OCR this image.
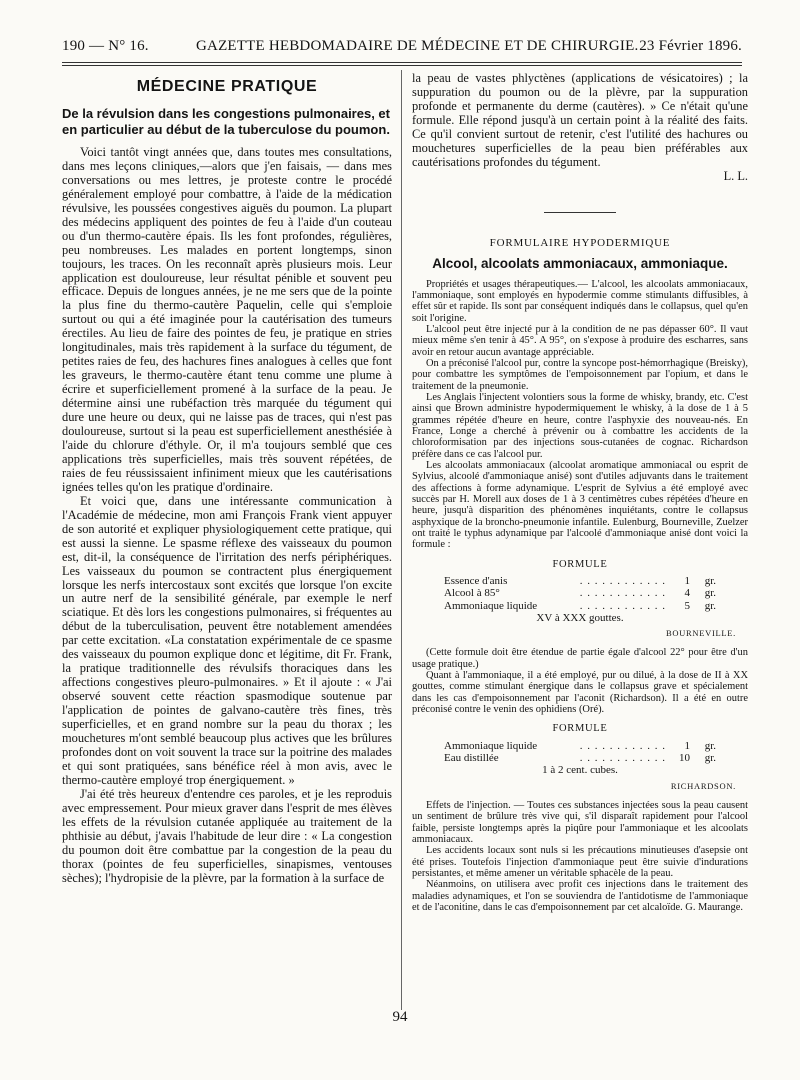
190 — N° 16.	GAZETTE HEBDOMADAIRE DE MÉDECINE ET DE CHIRURGIE. 23 Février 1896.
MÉDECINE PRATIQUE
De la révulsion dans les congestions pulmonaires, et en particulier au début de la tuberculose du poumon.

Voici tantôt vingt années que, dans toutes mes consultations, dans mes leçons cliniques,—alors que j'en faisais, — dans mes conversations ou mes lettres, je proteste contre le procédé généralement employé pour combattre, à l'aide de la médication révulsive, les poussées congestives aiguës du poumon. La plupart des médecins appliquent des pointes de feu à l'aide d'un couteau ou d'un thermo-cautère épais. Ils les font profondes, régulières, peu nombreuses. Les malades en portent longtemps, sinon toujours, les traces. On les reconnaît après plusieurs mois. Leur application est douloureuse, leur résultat pénible et souvent peu efficace. Depuis de longues années, je ne me sers que de la pointe la plus fine du thermo-cautère Paquelin, celle qui s'emploie surtout ou qui a été imaginée pour la cautérisation des tumeurs érectiles. Au lieu de faire des pointes de feu, je pratique en stries longitudinales, mais très rapidement à la surface du tégument, de petites raies de feu, des hachures fines analogues à celles que font les graveurs, le thermo-cautère étant tenu comme une plume à écrire et superficiellement promené à la surface de la peau. Je détermine ainsi une rubéfaction très marquée du tégument qui dure une heure ou deux, qui ne laisse pas de traces, qui n'est pas douloureuse, surtout si la peau est superficiellement anesthésiée à l'aide du chlorure d'éthyle. Or, il m'a toujours semblé que ces applications très superficielles, mais très souvent répétées, de raies de feu réussissaient infiniment mieux que les cautérisations ignées telles qu'on les pratique d'ordinaire.

Et voici que, dans une intéressante communication à l'Académie de médecine, mon ami François Frank vient appuyer de son autorité et expliquer physiologiquement cette pratique, qui est aussi la sienne. Le spasme réflexe des vaisseaux du poumon est, dit-il, la conséquence de l'irritation des nerfs périphériques. Les vaisseaux du poumon se contractent plus énergiquement lorsque les nerfs intercostaux sont excités que lorsque l'on excite un autre nerf de la sensibilité générale, par exemple le nerf sciatique. Et dès lors les congestions pulmonaires, si fréquentes au début de la tuberculisation, peuvent être notablement amendées par cette excitation. «La constatation expérimentale de ce spasme des vaisseaux du poumon explique donc et légitime, dit Fr. Frank, la pratique traditionnelle des révulsifs thoraciques dans les affections congestives pleuro-pulmonaires. » Et il ajoute : « J'ai observé souvent cette réaction spasmodique soutenue par l'application de pointes de galvano-cautère très fines, très superficielles, et en grand nombre sur la peau du thorax ; les mouchetures m'ont semblé beaucoup plus actives que les brûlures profondes dont on voit souvent la trace sur la poitrine des malades et qui sont pratiquées, sans bénéfice réel à mon avis, avec le thermo-cautère employé trop énergiquement. »

J'ai été très heureux d'entendre ces paroles, et je les reproduis avec empressement. Pour mieux graver dans l'esprit de mes élèves les effets de la révulsion cutanée appliquée au traitement de la phthisie au début, j'avais l'habitude de leur dire : « La congestion du poumon doit être combattue par la congestion de la peau du thorax (pointes de feu superficielles, sinapismes, ventouses sèches); l'hydropisie de la plèvre, par la formation à la surface de

la peau de vastes phlyctènes (applications de vésicatoires) ; la suppuration du poumon ou de la plèvre, par la suppuration profonde et permanente du derme (cautères). » Ce n'était qu'une formule. Elle répond jusqu'à un certain point à la réalité des faits. Ce qu'il convient surtout de retenir, c'est l'utilité des hachures ou mouchetures superficielles de la peau bien préférables aux cautérisations profondes du tégument.

L. L.
FORMULAIRE HYPODERMIQUE
Alcool, alcoolats ammoniacaux, ammoniaque.

Propriétés et usages thérapeutiques.— L'alcool, les alcoolats ammoniacaux, l'ammoniaque, sont employés en hypodermie comme stimulants diffusibles, à effet sûr et rapide. Ils sont par conséquent indiqués dans le collapsus, quel qu'en soit l'origine.

L'alcool peut être injecté pur à la condition de ne pas dépasser 60°. Il vaut mieux même s'en tenir à 45°. A 95°, on s'expose à produire des escharres, sans avoir en retour aucun avantage appréciable.

On a préconisé l'alcool pur, contre la syncope post-hémorrhagique (Breisky), pour combattre les symptômes de l'empoisonnement par l'opium, et dans le traitement de la pneumonie.

Les Anglais l'injectent volontiers sous la forme de whisky, brandy, etc. C'est ainsi que Brown administre hypodermiquement le whisky, à la dose de 1 à 5 grammes répétée d'heure en heure, contre l'asphyxie des nouveau-nés. En France, Longe a cherché à prévenir ou à combattre les accidents de la chloroformisation par des injections sous-cutanées de cognac. Richardson préfère dans ce cas l'alcool pur.

Les alcoolats ammoniacaux (alcoolat aromatique ammoniacal ou esprit de Sylvius, alcoolé d'ammoniaque anisé) sont d'utiles adjuvants dans le traitement des affections à forme adynamique. L'esprit de Sylvius a été employé avec succès par H. Morell aux doses de 1 à 3 centimètres cubes répétées d'heure en heure, jusqu'à disparition des phénomènes inquiétants, contre le collapsus asphyxique de la broncho-pneumonie infantile. Eulenburg, Bourneville, Zuelzer ont traité le typhus adynamique par l'alcoolé d'ammoniaque anisé dont voici la formule :

FORMULE
Essence d'anis	. . . . . . . . . . . .	1	gr.
Alcool à 85°	. . . . . . . . . . . .	4	gr.
Ammoniaque liquide	. . . . . . . . . . . .	5	gr.
XV à XXX gouttes.
BOURNEVILLE.

(Cette formule doit être étendue de partie égale d'alcool 22° pour être d'un usage pratique.)

Quant à l'ammoniaque, il a été employé, pur ou dilué, à la dose de II à XX gouttes, comme stimulant énergique dans le collapsus grave et spécialement dans les cas d'empoisonnement par l'aconit (Richardson). Il a été en outre préconisé contre le venin des ophidiens (Oré).

FORMULE
Ammoniaque liquide	. . . . . . . . . . . .	1	gr.
Eau distillée	. . . . . . . . . . . .	10	gr.
1 à 2 cent. cubes.
RICHARDSON.

Effets de l'injection. — Toutes ces substances injectées sous la peau causent un sentiment de brûlure très vive qui, s'il disparaît rapidement pour l'alcool faible, persiste longtemps après la piqûre pour l'ammoniaque et les alcoolats ammoniacaux.

Les accidents locaux sont nuls si les précautions minutieuses d'asepsie ont été prises. Toutefois l'injection d'ammoniaque peut être suivie d'indurations persistantes, et même amener un véritable sphacèle de la peau.

Néanmoins, on utilisera avec profit ces injections dans le traitement des maladies adynamiques, et l'on se souviendra de l'antidotisme de l'ammoniaque et de l'aconitine, dans le cas d'empoisonnement par cet alcaloïde. G. Maurange.

94
